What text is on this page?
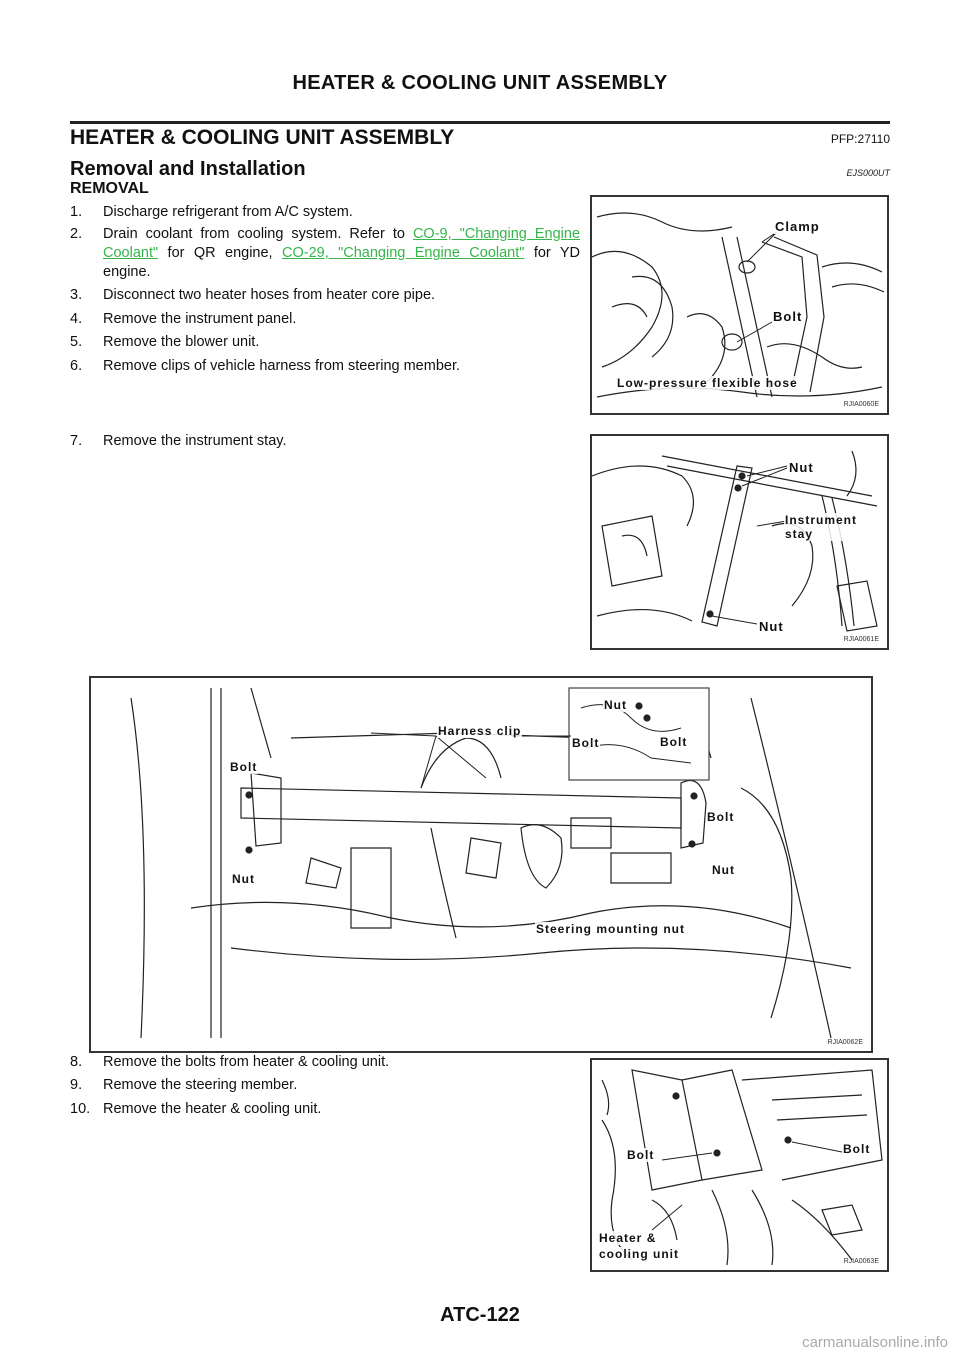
HEATER & COOLING UNIT ASSEMBLY
HEATER & COOLING UNIT ASSEMBLY	PFP:27110
Removal and Installation	EJS000UT
REMOVAL
1. Discharge refrigerant from A/C system.
2. Drain coolant from cooling system. Refer to CO-9, "Changing Engine Coolant" for QR engine, CO-29, "Changing Engine Coolant" for YD engine.
3. Disconnect two heater hoses from heater core pipe.
4. Remove the instrument panel.
5. Remove the blower unit.
6. Remove clips of vehicle harness from steering member.
7. Remove the instrument stay.
8. Remove the bolts from heater & cooling unit.
9. Remove the steering member.
10. Remove the heater & cooling unit.
Clamp
Bolt
Low-pressure flexible hose
RJIA0060E
Nut
Instrument stay
Nut
RJIA0061E
Harness clip
Nut
Bolt	Bolt
Bolt
Bolt
Nut
Nut
Steering mounting nut
RJIA0062E
Bolt	Bolt
Heater &
cooling unit
RJIA0063E
ATC-122
carmanualsonline.info
